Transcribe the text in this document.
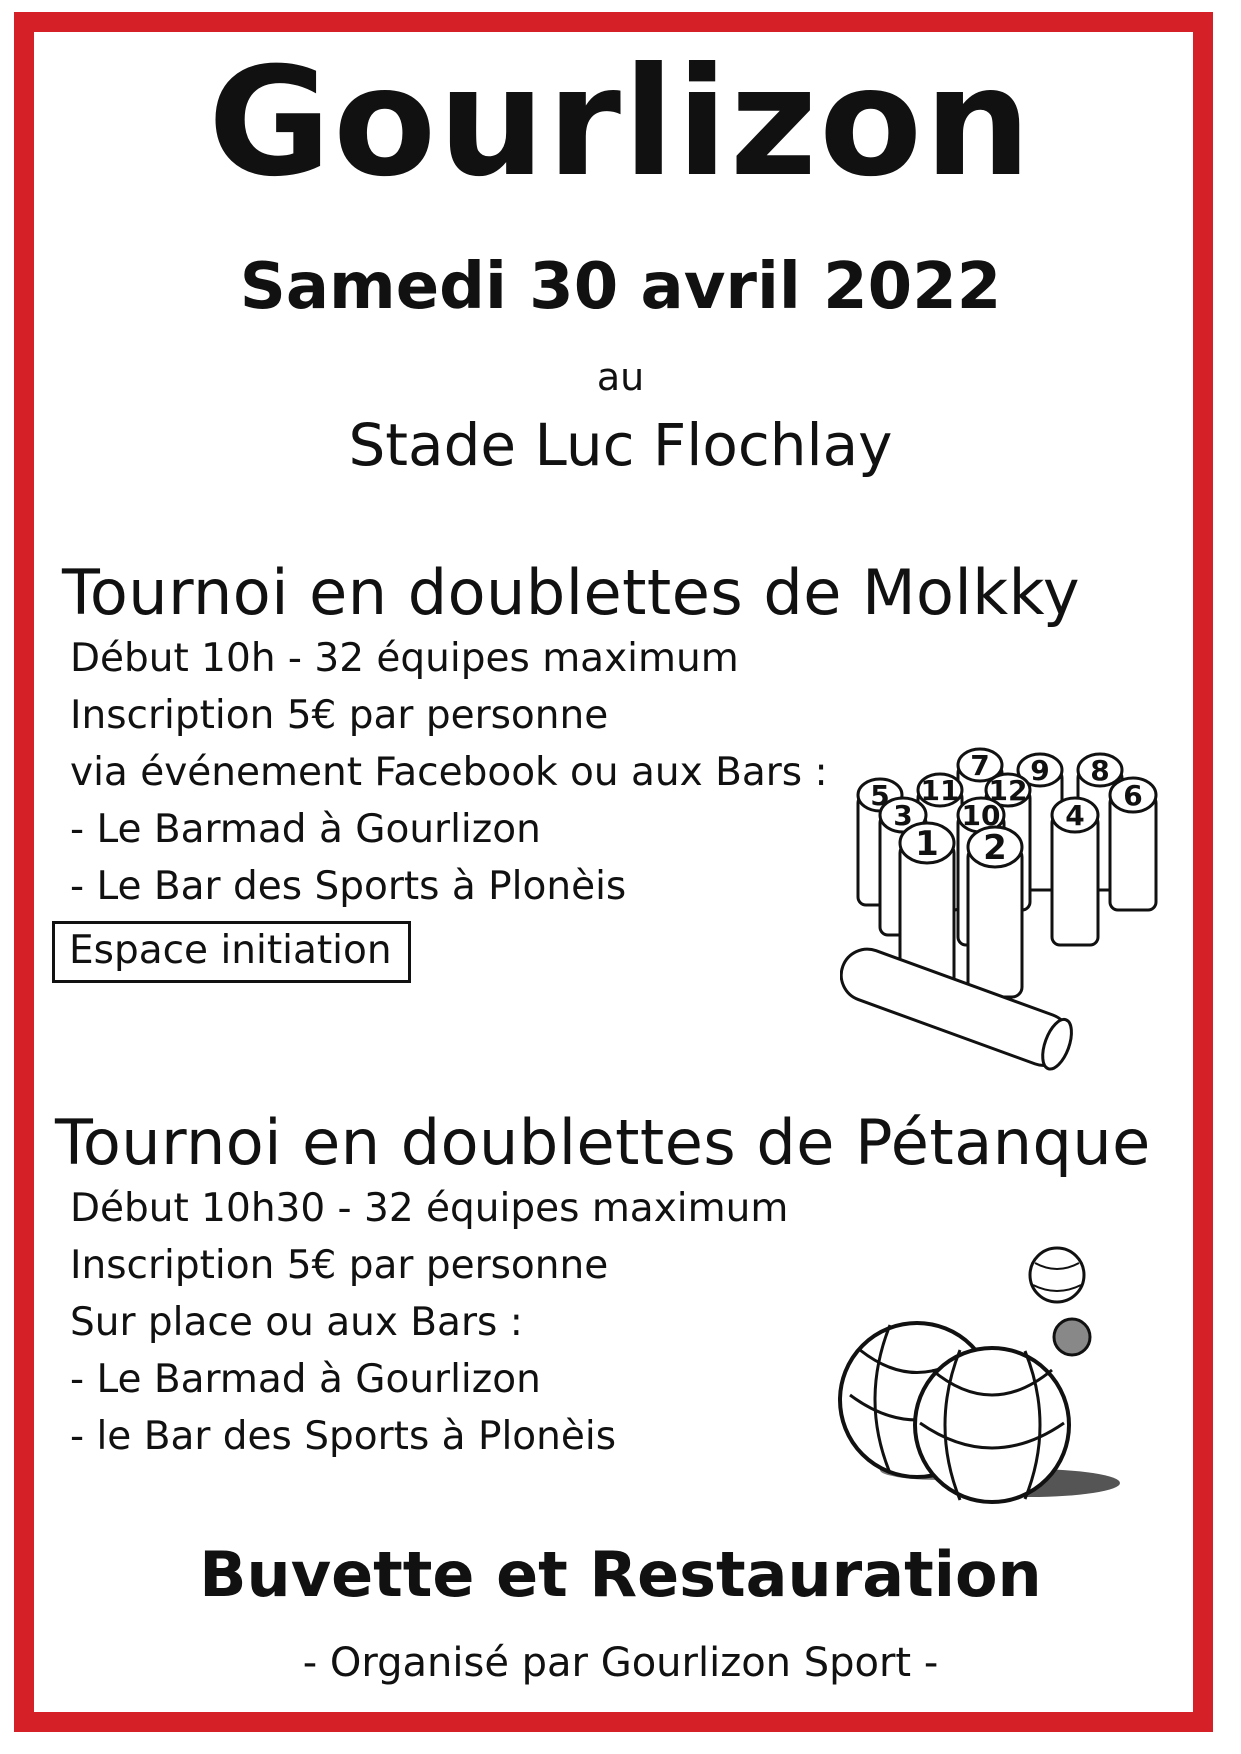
Gourlizon
Samedi 30 avril 2022
au
Stade Luc Flochlay
Tournoi en doublettes de Molkky
Début 10h - 32 équipes maximum
Inscription 5€ par personne
via événement Facebook ou aux Bars :
- Le Barmad à Gourlizon
- Le Bar des Sports à Plonèis
Espace initiation
7 9 8
5 11 12	6
3 10 4
1 2
Tournoi en doublettes de Pétanque
Début 10h30 - 32 équipes maximum
Inscription 5€ par personne
Sur place ou aux Bars :
- Le Barmad à Gourlizon
- le Bar des Sports à Plonèis
Buvette et Restauration
- Organisé par Gourlizon Sport -
